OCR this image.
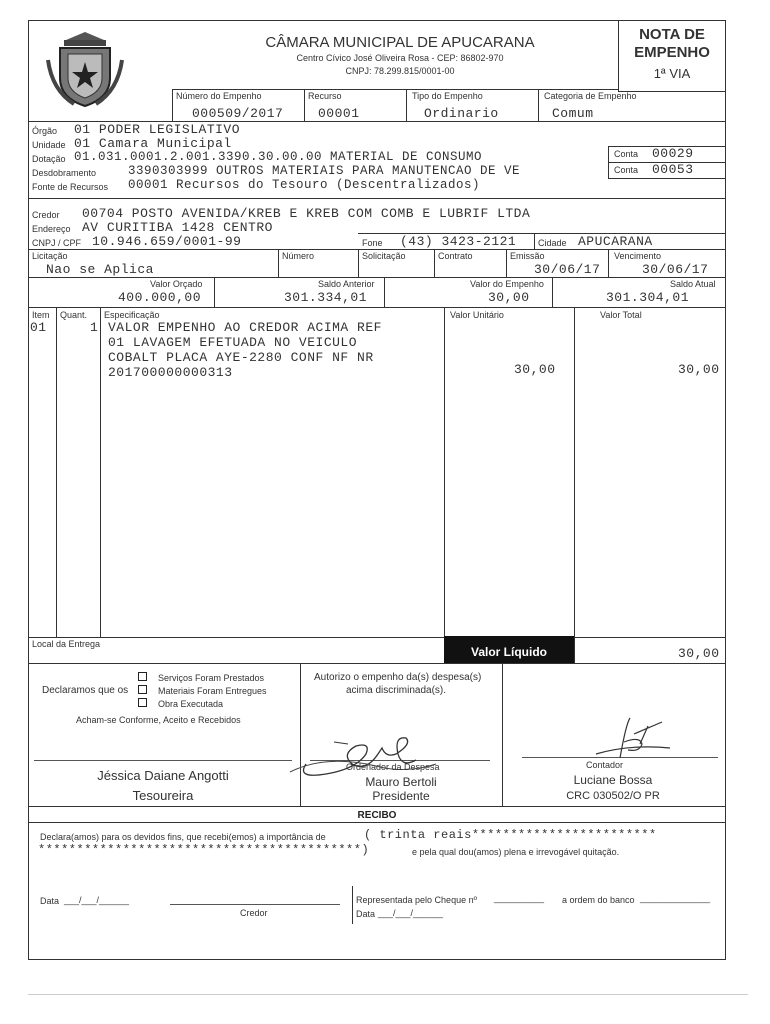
CÂMARA MUNICIPAL DE APUCARANA
Centro Cívico José Oliveira Rosa - CEP: 86802-970
CNPJ: 78.299.815/0001-00
NOTA DE
EMPENHO
1ª VIA
Número do Empenho
000509/2017
Recurso
00001
Tipo do Empenho
Ordinario
Categoria de Empenho
Comum
Órgão 01 PODER LEGISLATIVO
Unidade 01 Camara Municipal
Dotação 01.031.0001.2.001.3390.30.00.00 MATERIAL DE CONSUMO
Desdobramento	3390303999 OUTROS MATERIAIS PARA MANUTENCAO DE VE
Fonte de Recursos 00001 Recursos do Tesouro (Descentralizados)
Conta 00029
Conta 00053
Credor 00704 POSTO AVENIDA/KREB E KREB COM COMB E LUBRIF LTDA
Endereço AV CURITIBA 1428 CENTRO
CNPJ / CPF 10.946.659/0001-99	Fone (43) 3423-2121 Cidade APUCARANA
Licitação
Nao se Aplica
Número	Solicitação	Contrato	Emissão
30/06/17
Vencimento
30/06/17
Valor Orçado
400.000,00
Saldo Anterior
301.334,01
Valor do Empenho
30,00
Saldo Atual
301.304,01
Item Quant. Especificação	Valor Unitário	Valor Total
01	1 VALOR EMPENHO AO CREDOR ACIMA REF
01 LAVAGEM EFETUADA NO VEICULO
COBALT PLACA AYE-2280 CONF NF NR
201700000000313	30,00	30,00
Local da Entrega
Valor Líquido	30,00
Declaramos que os
Serviços Foram Prestados
Materiais Foram Entregues
Obra Executada
Acham-se Conforme, Aceito e Recebidos
Autorizo o empenho da(s) despesa(s)
acima discriminada(s).
Jéssica Daiane Angotti
Tesoureira
Ordenador da Despesa
Mauro Bertoli
Presidente
Contador
Luciane Bossa
CRC 030502/O PR
RECIBO
Declara(amos) para os devidos fins, que recebi(emos) a importância de	( trinta reais************************
******************************************)	e pela qual dou(amos) plena e irrevogável quitação.
Data ___/___/______
Credor
Representada pelo Cheque nº __________ a ordem do banco ______________
Data ___/___/______
